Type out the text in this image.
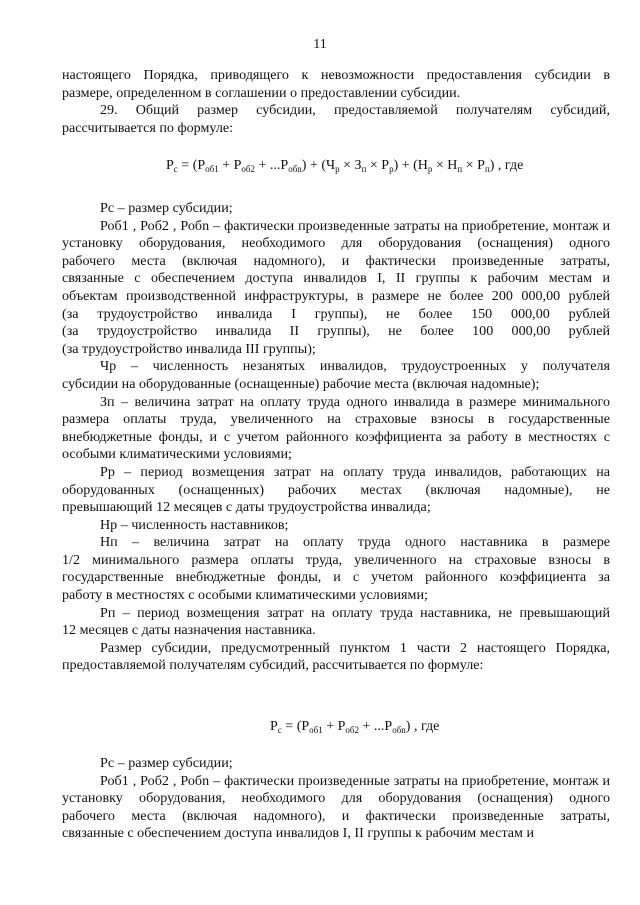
11
настоящего Порядка, приводящего к невозможности предоставления субсидии в
размере, определенном в соглашении о предоставлении субсидии.
29. Общий размер субсидии, предоставляемой получателям субсидий,
рассчитывается по формуле:
$Р_с = (Р_{об1} + Р_{об2} + ...Р_{обn}) + (Ч_р \times З_п \times Р_р) + (Н_р \times Н_п \times Р_п)$ , где
Рс – размер субсидии;
Роб1 , Роб2 , Робn – фактически произведенные затраты на приобретение, монтаж и
установку оборудования, необходимого для оборудования (оснащения) одного
рабочего места (включая надомного), и фактически произведенные затраты,
связанные с обеспечением доступа инвалидов I, II группы к рабочим местам и
объектам производственной инфраструктуры, в размере не более 200 000,00 рублей
(за трудоустройство инвалида I группы), не более 150 000,00 рублей
(за трудоустройство инвалида II группы), не более 100 000,00 рублей
(за трудоустройство инвалида III группы);
Чр – численность незанятых инвалидов, трудоустроенных у получателя
субсидии на оборудованные (оснащенные) рабочие места (включая надомные);
Зп – величина затрат на оплату труда одного инвалида в размере минимального
размера оплаты труда, увеличенного на страховые взносы в государственные
внебюджетные фонды, и с учетом районного коэффициента за работу в местностях с
особыми климатическими условиями;
Рр – период возмещения затрат на оплату труда инвалидов, работающих на
оборудованных (оснащенных) рабочих местах (включая надомные), не
превышающий 12 месяцев с даты трудоустройства инвалида;
Нр – численность наставников;
Нп – величина затрат на оплату труда одного наставника в размере
1/2 минимального размера оплаты труда, увеличенного на страховые взносы в
государственные внебюджетные фонды, и с учетом районного коэффициента за
работу в местностях с особыми климатическими условиями;
Рп – период возмещения затрат на оплату труда наставника, не превышающий
12 месяцев с даты назначения наставника.
Размер субсидии, предусмотренный пунктом 1 части 2 настоящего Порядка,
предоставляемой получателям субсидий, рассчитывается по формуле:
$Р_с = (Р_{об1} + Р_{об2} + ...Р_{обn})$ , где
Рс – размер субсидии;
Роб1 , Роб2 , Робn – фактически произведенные затраты на приобретение, монтаж и
установку оборудования, необходимого для оборудования (оснащения) одного
рабочего места (включая надомного), и фактически произведенные затраты,
связанные с обеспечением доступа инвалидов I, II группы к рабочим местам и
